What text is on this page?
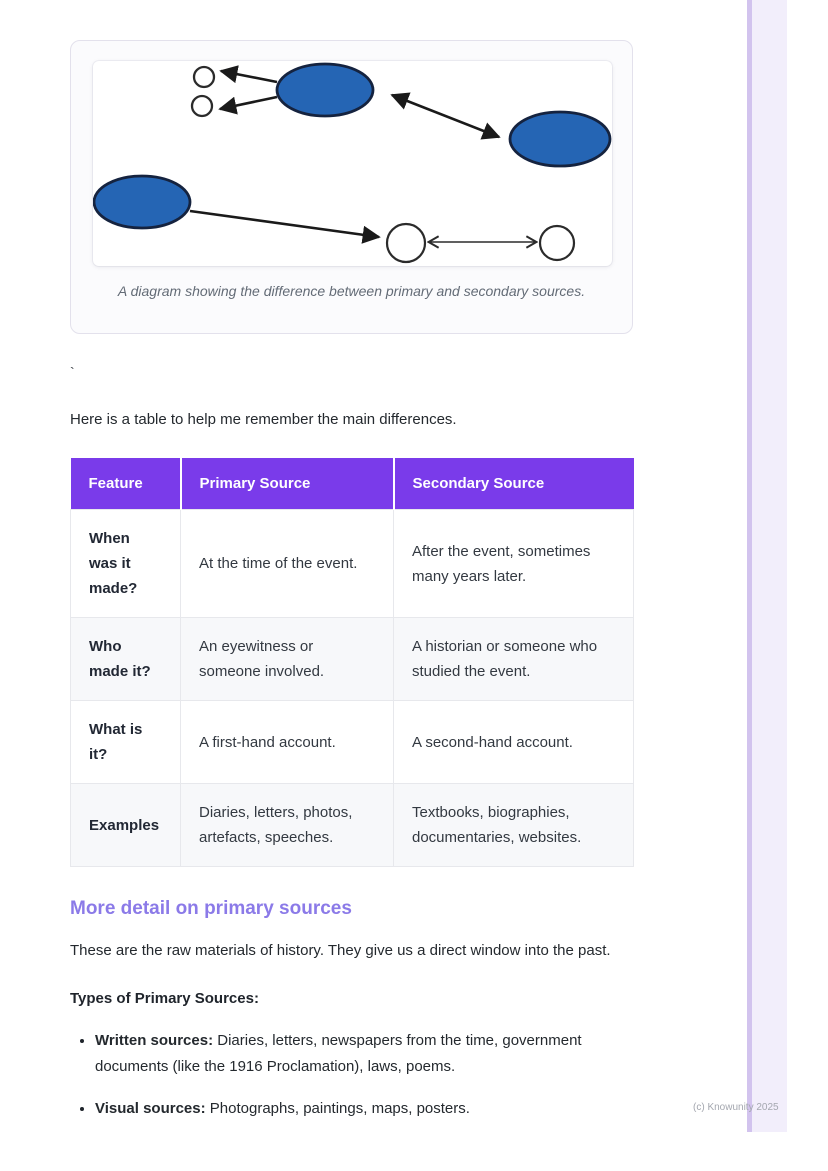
A diagram showing the difference between primary and secondary sources.
`

Here is a table to help me remember the main differences.

Feature	Primary Source	Secondary Source
When was it made?	At the time of the event.	After the event, sometimes many years later.
Who made it?	An eyewitness or someone involved.	A historian or someone who studied the event.
What is it?	A first-hand account.	A second-hand account.
Examples	Diaries, letters, photos, artefacts, speeches.	Textbooks, biographies, documentaries, websites.
More detail on primary sources

These are the raw materials of history. They give us a direct window into the past.

Types of Primary Sources:

• Written sources: Diaries, letters, newspapers from the time, government documents (like the 1916 Proclamation), laws, poems.
• Visual sources: Photographs, paintings, maps, posters.	(c) Knowunity 2025
